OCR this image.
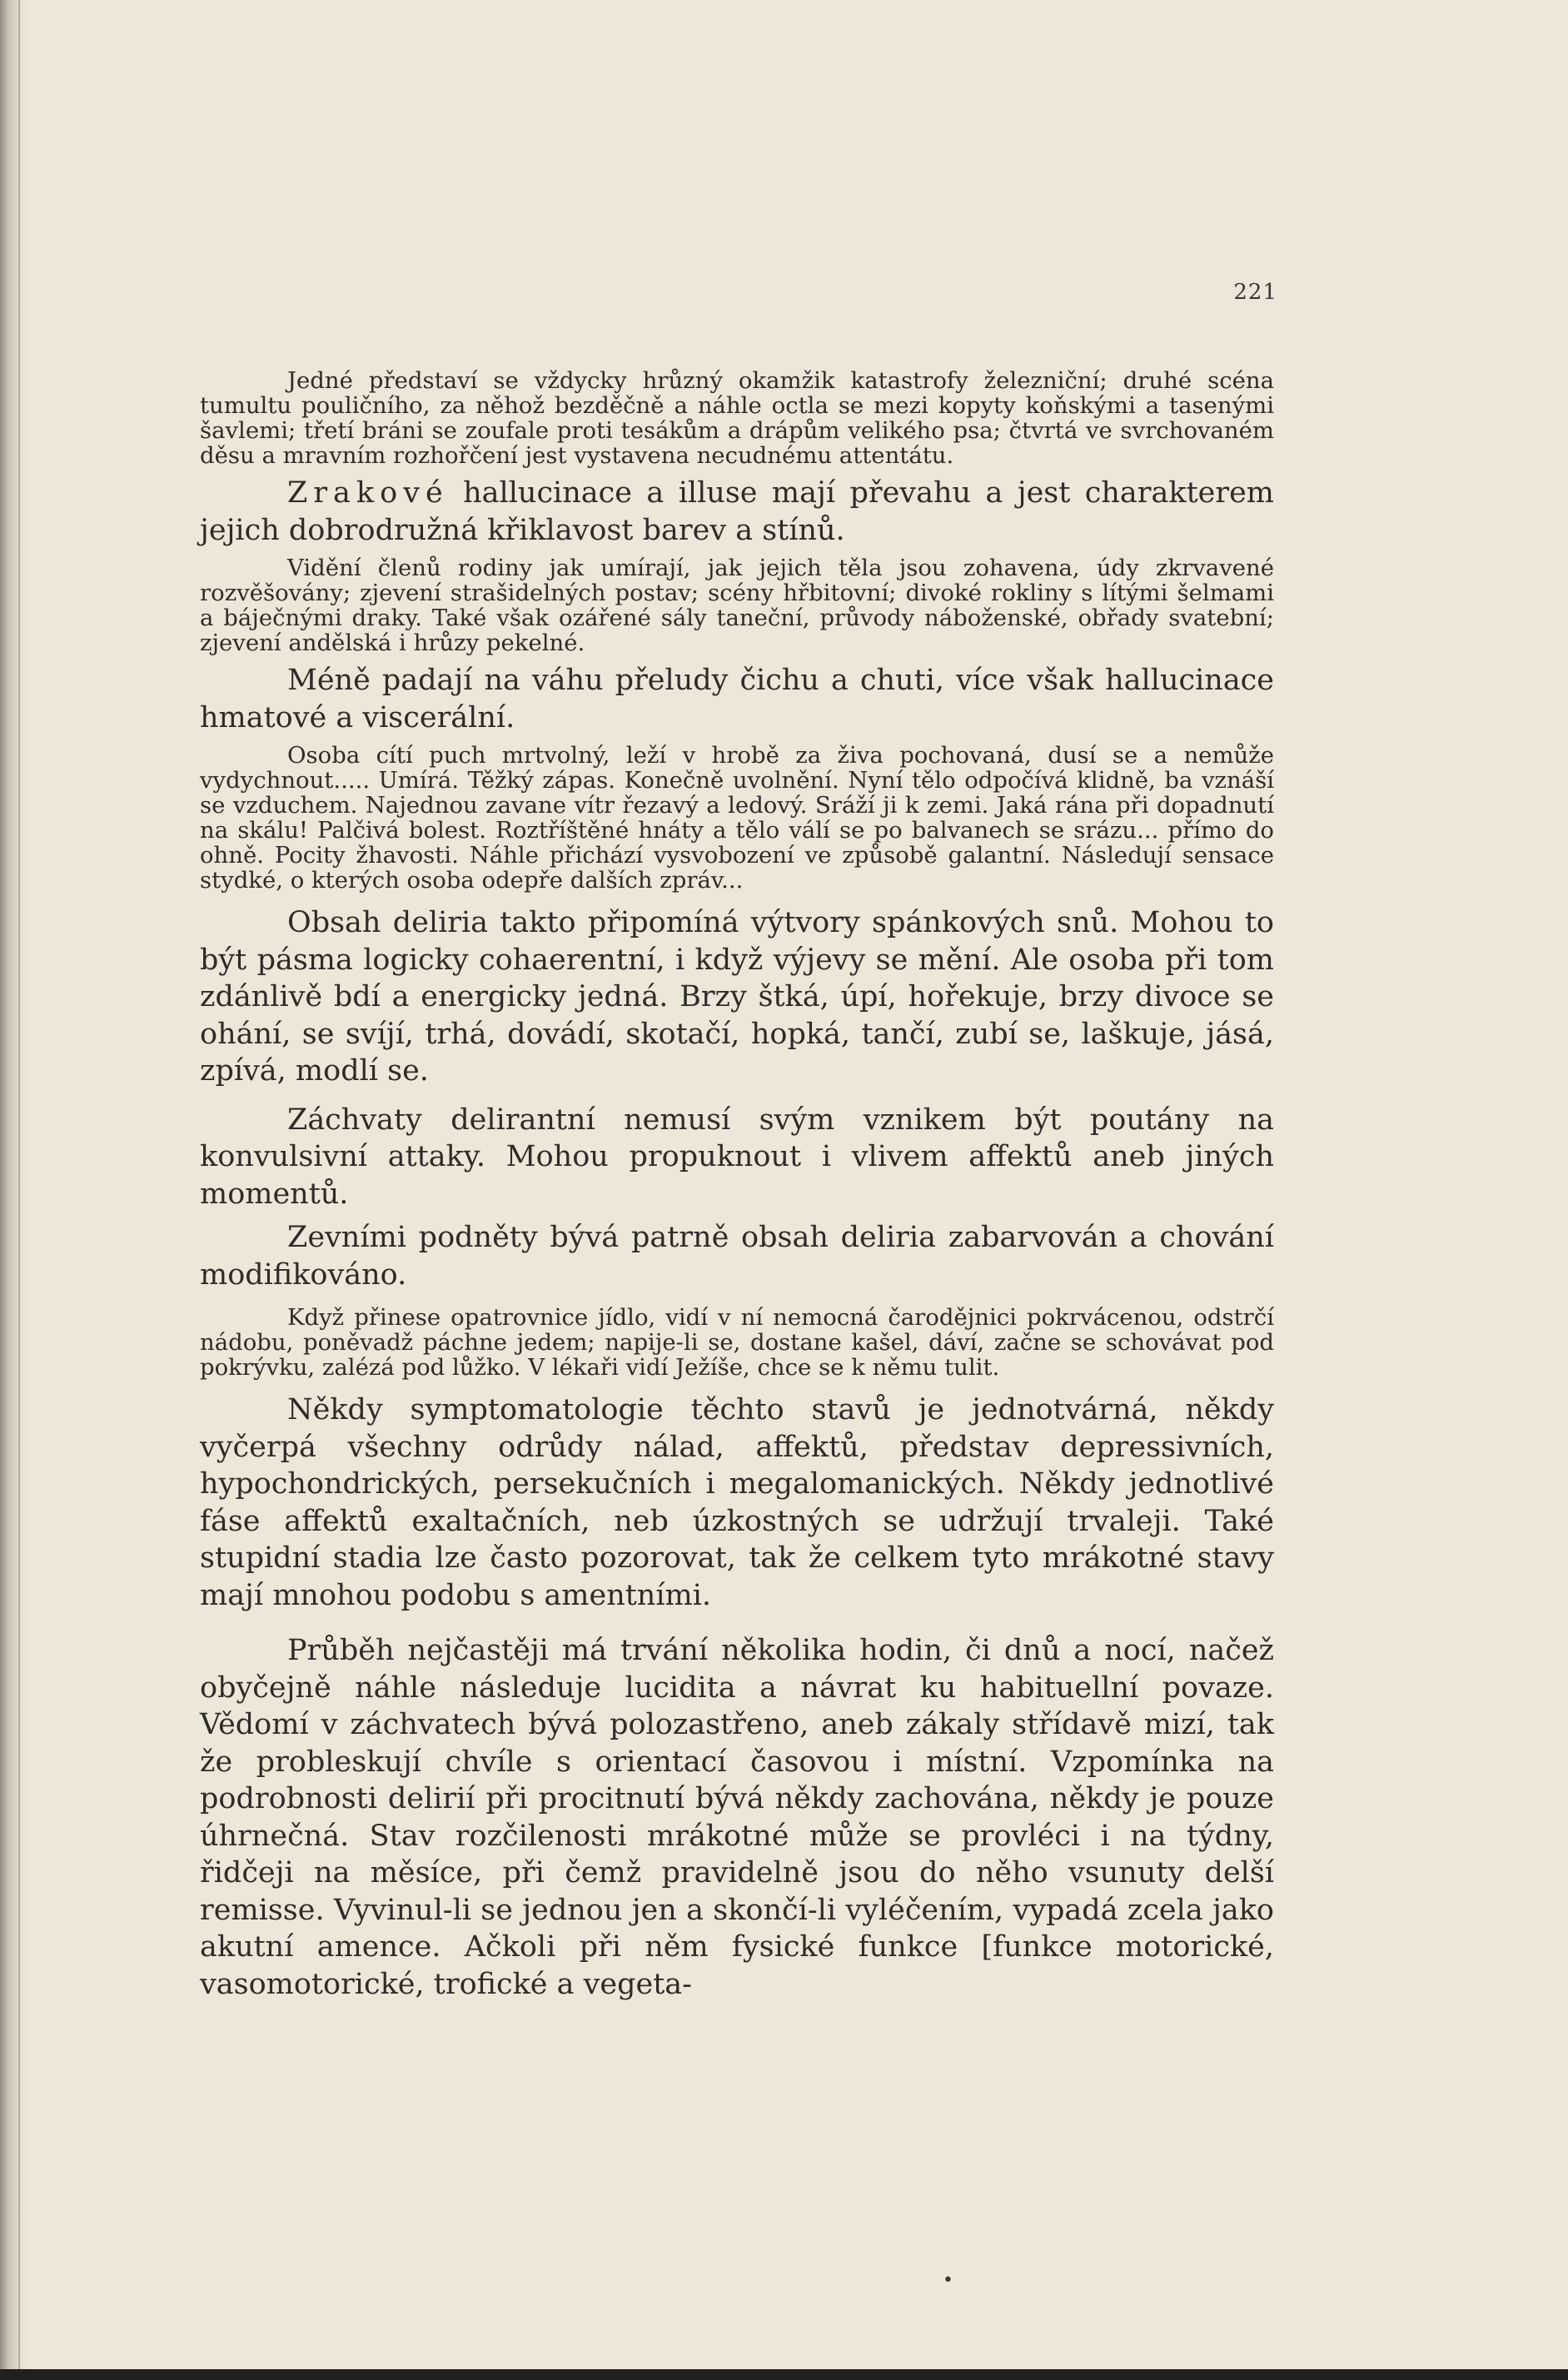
221

Jedné představí se vždycky hrůzný okamžik katastrofy železniční; druhé scéna tumultu pouličního, za něhož bezděčně a náhle octla se mezi kopyty koňskými a tasenými šavlemi; třetí bráni se zoufale proti tesákům a drápům velikého psa; čtvrtá ve svrchovaném děsu a mravním rozhořčení jest vystavena necudnému attentátu.

Zrakové hallucinace a illuse mají převahu a jest charakterem jejich dobrodružná křiklavost barev a stínů.

Vidění členů rodiny jak umírají, jak jejich těla jsou zohavena, údy zkrvavené rozvěšovány; zjevení strašidelných postav; scény hřbitovní; divoké rokliny s lítými šelmami a báječnými draky. Také však ozářené sály taneční, průvody náboženské, obřady svatební; zjevení andělská i hrůzy pekelné.

Méně padají na váhu přeludy čichu a chuti, více však hallucinace hmatové a viscerální.

Osoba cítí puch mrtvolný, leží v hrobě za živa pochovaná, dusí se a nemůže vydychnout..... Umírá. Těžký zápas. Konečně uvolnění. Nyní tělo odpočívá klidně, ba vznáší se vzduchem. Najednou zavane vítr řezavý a ledový. Sráží ji k zemi. Jaká rána při dopadnutí na skálu! Palčivá bolest. Roztříštěné hnáty a tělo válí se po balvanech se srázu... přímo do ohně. Pocity žhavosti. Náhle přichází vysvobození ve způsobě galantní. Následují sensace stydké, o kterých osoba odepře dalších zpráv...

Obsah deliria takto připomíná výtvory spánkových snů. Mohou to být pásma logicky cohaerentní, i když výjevy se mění. Ale osoba při tom zdánlivě bdí a energicky jedná. Brzy štká, úpí, hořekuje, brzy divoce se ohání, se svíjí, trhá, dovádí, skotačí, hopká, tančí, zubí se, laškuje, jásá, zpívá, modlí se.

Záchvaty delirantní nemusí svým vznikem být poutány na konvulsivní attaky. Mohou propuknout i vlivem affektů aneb jiných momentů.

Zevními podněty bývá patrně obsah deliria zabarvován a chování modifikováno.

Když přinese opatrovnice jídlo, vidí v ní nemocná čarodějnici pokrvácenou, odstrčí nádobu, poněvadž páchne jedem; napije-li se, dostane kašel, dáví, začne se schovávat pod pokrývku, zalézá pod lůžko. V lékaři vidí Ježíše, chce se k němu tulit.

Někdy symptomatologie těchto stavů je jednotvárná, někdy vyčerpá všechny odrůdy nálad, affektů, představ depressivních, hypochondrických, persekučních i megalomanických. Někdy jednotlivé fáse affektů exaltačních, neb úzkostných se udržují trvaleji. Také stupidní stadia lze často pozorovat, tak že celkem tyto mrákotné stavy mají mnohou podobu s amentními.

Průběh nejčastěji má trvání několika hodin, či dnů a nocí, načež obyčejně náhle následuje lucidita a návrat ku habituellní povaze. Vědomí v záchvatech bývá polozastřeno, aneb zákaly střídavě mizí, tak že probleskují chvíle s orientací časovou i místní. Vzpomínka na podrobnosti delirií při procitnutí bývá někdy zachována, někdy je pouze úhrnečná. Stav rozčilenosti mrákotné může se provléci i na týdny, řidčeji na měsíce, při čemž pravidelně jsou do něho vsunuty delší remisse. Vyvinul-li se jednou jen a skončí-li vyléčením, vypadá zcela jako akutní amence. Ačkoli při něm fysické funkce [funkce motorické, vasomotorické, trofické a vegeta-

•
